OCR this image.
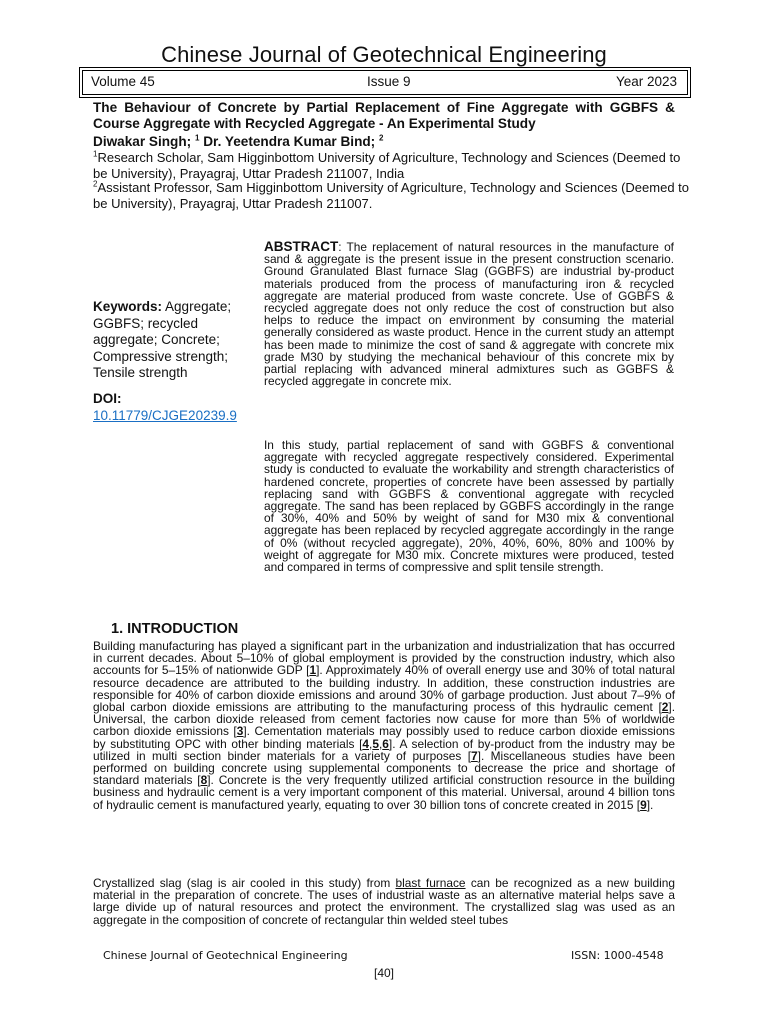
Chinese Journal of Geotechnical Engineering
Volume 45	Issue 9	Year 2023
The Behaviour of Concrete by Partial Replacement of Fine Aggregate with GGBFS & Course Aggregate with Recycled Aggregate - An Experimental Study
Diwakar Singh; $^1$ Dr. Yeetendra Kumar Bind; $^2$
$^1$Research Scholar, Sam Higginbottom University of Agriculture, Technology and Sciences (Deemed to be University), Prayagraj, Uttar Pradesh 211007, India
$^2$Assistant Professor, Sam Higginbottom University of Agriculture, Technology and Sciences (Deemed to be University), Prayagraj, Uttar Pradesh 211007.
Keywords: Aggregate; GGBFS; recycled aggregate; Concrete; Compressive strength; Tensile strength
DOI:
10.11779/CJGE20239.9
ABSTRACT: The replacement of natural resources in the manufacture of sand & aggregate is the present issue in the present construction scenario. Ground Granulated Blast furnace Slag (GGBFS) are industrial by-product materials produced from the process of manufacturing iron & recycled aggregate are material produced from waste concrete. Use of GGBFS & recycled aggregate does not only reduce the cost of construction but also helps to reduce the impact on environment by consuming the material generally considered as waste product. Hence in the current study an attempt has been made to minimize the cost of sand & aggregate with concrete mix grade M30 by studying the mechanical behaviour of this concrete mix by partial replacing with advanced mineral admixtures such as GGBFS & recycled aggregate in concrete mix.
In this study, partial replacement of sand with GGBFS & conventional aggregate with recycled aggregate respectively considered. Experimental study is conducted to evaluate the workability and strength characteristics of hardened concrete, properties of concrete have been assessed by partially replacing sand with GGBFS & conventional aggregate with recycled aggregate. The sand has been replaced by GGBFS accordingly in the range of 30%, 40% and 50% by weight of sand for M30 mix & conventional aggregate has been replaced by recycled aggregate accordingly in the range of 0% (without recycled aggregate), 20%, 40%, 60%, 80% and 100% by weight of aggregate for M30 mix. Concrete mixtures were produced, tested and compared in terms of compressive and split tensile strength.
1. INTRODUCTION
Building manufacturing has played a significant part in the urbanization and industrialization that has occurred in current decades. About 5–10% of global employment is provided by the construction industry, which also accounts for 5–15% of nationwide GDP [1]. Approximately 40% of overall energy use and 30% of total natural resource decadence are attributed to the building industry. In addition, these construction industries are responsible for 40% of carbon dioxide emissions and around 30% of garbage production. Just about 7–9% of global carbon dioxide emissions are attributing to the manufacturing process of this hydraulic cement [2]. Universal, the carbon dioxide released from cement factories now cause for more than 5% of worldwide carbon dioxide emissions [3]. Cementation materials may possibly used to reduce carbon dioxide emissions by substituting OPC with other binding materials [4,5,6]. A selection of by-product from the industry may be utilized in multi section binder materials for a variety of purposes [7]. Miscellaneous studies have been performed on building concrete using supplemental components to decrease the price and shortage of standard materials [8]. Concrete is the very frequently utilized artificial construction resource in the building business and hydraulic cement is a very important component of this material. Universal, around 4 billion tons of hydraulic cement is manufactured yearly, equating to over 30 billion tons of concrete created in 2015 [9].
Crystallized slag (slag is air cooled in this study) from blast furnace can be recognized as a new building material in the preparation of concrete. The uses of industrial waste as an alternative material helps save a large divide up of natural resources and protect the environment. The crystallized slag was used as an aggregate in the composition of concrete of rectangular thin welded steel tubes
Chinese Journal of Geotechnical Engineering	ISSN: 1000-4548
[40]
